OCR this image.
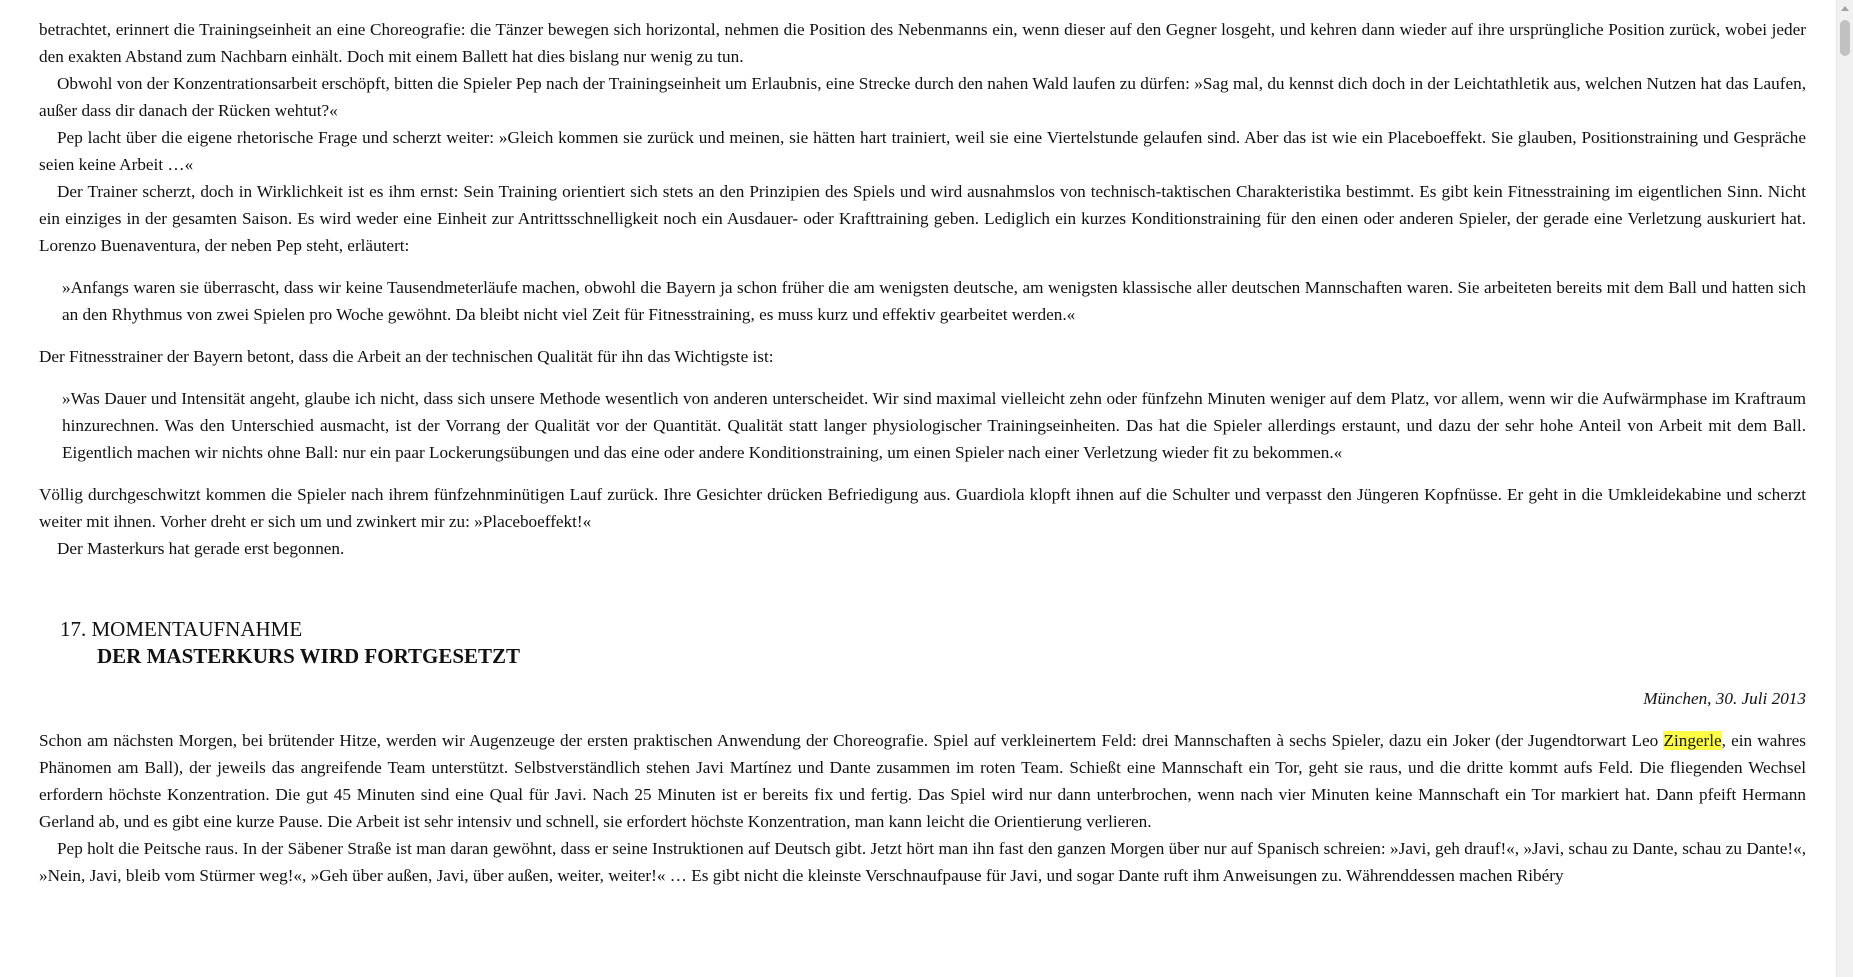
betrachtet, erinnert die Trainingseinheit an eine Choreografie: die Tänzer bewegen sich horizontal, nehmen die Position des Nebenmanns ein, wenn dieser auf den Gegner losgeht, und kehren dann wieder auf ihre ursprüngliche Position zurück, wobei jeder den exakten Abstand zum Nachbarn einhält. Doch mit einem Ballett hat dies bislang nur wenig zu tun.

Obwohl von der Konzentrationsarbeit erschöpft, bitten die Spieler Pep nach der Trainingseinheit um Erlaubnis, eine Strecke durch den nahen Wald laufen zu dürfen: »Sag mal, du kennst dich doch in der Leichtathletik aus, welchen Nutzen hat das Laufen, außer dass dir danach der Rücken wehtut?«

Pep lacht über die eigene rhetorische Frage und scherzt weiter: »Gleich kommen sie zurück und meinen, sie hätten hart trainiert, weil sie eine Viertelstunde gelaufen sind. Aber das ist wie ein Placeboeffekt. Sie glauben, Positionstraining und Gespräche seien keine Arbeit …«

Der Trainer scherzt, doch in Wirklichkeit ist es ihm ernst: Sein Training orientiert sich stets an den Prinzipien des Spiels und wird ausnahmslos von technisch-taktischen Charakteristika bestimmt. Es gibt kein Fitnesstraining im eigentlichen Sinn. Nicht ein einziges in der gesamten Saison. Es wird weder eine Einheit zur Antrittsschnelligkeit noch ein Ausdauer- oder Krafttraining geben. Lediglich ein kurzes Konditionstraining für den einen oder anderen Spieler, der gerade eine Verletzung auskuriert hat. Lorenzo Buenaventura, der neben Pep steht, erläutert:

»Anfangs waren sie überrascht, dass wir keine Tausendmeterläufe machen, obwohl die Bayern ja schon früher die am wenigsten deutsche, am wenigsten klassische aller deutschen Mannschaften waren. Sie arbeiteten bereits mit dem Ball und hatten sich an den Rhythmus von zwei Spielen pro Woche gewöhnt. Da bleibt nicht viel Zeit für Fitnesstraining, es muss kurz und effektiv gearbeitet werden.«

Der Fitnesstrainer der Bayern betont, dass die Arbeit an der technischen Qualität für ihn das Wichtigste ist:

»Was Dauer und Intensität angeht, glaube ich nicht, dass sich unsere Methode wesentlich von anderen unterscheidet. Wir sind maximal vielleicht zehn oder fünfzehn Minuten weniger auf dem Platz, vor allem, wenn wir die Aufwärmphase im Kraftraum hinzurechnen. Was den Unterschied ausmacht, ist der Vorrang der Qualität vor der Quantität. Qualität statt langer physiologischer Trainingseinheiten. Das hat die Spieler allerdings erstaunt, und dazu der sehr hohe Anteil von Arbeit mit dem Ball. Eigentlich machen wir nichts ohne Ball: nur ein paar Lockerungsübungen und das eine oder andere Konditionstraining, um einen Spieler nach einer Verletzung wieder fit zu bekommen.«

Völlig durchgeschwitzt kommen die Spieler nach ihrem fünfzehnminütigen Lauf zurück. Ihre Gesichter drücken Befriedigung aus. Guardiola klopft ihnen auf die Schulter und verpasst den Jüngeren Kopfnüsse. Er geht in die Umkleidekabine und scherzt weiter mit ihnen. Vorher dreht er sich um und zwinkert mir zu: »Placeboeffekt!«

Der Masterkurs hat gerade erst begonnen.

17. MOMENTAUFNAHME
DER MASTERKURS WIRD FORTGESETZT

München, 30. Juli 2013

Schon am nächsten Morgen, bei brütender Hitze, werden wir Augenzeuge der ersten praktischen Anwendung der Choreografie. Spiel auf verkleinertem Feld: drei Mannschaften à sechs Spieler, dazu ein Joker (der Jugendtorwart Leo Zingerle, ein wahres Phänomen am Ball), der jeweils das angreifende Team unterstützt. Selbstverständlich stehen Javi Martínez und Dante zusammen im roten Team. Schießt eine Mannschaft ein Tor, geht sie raus, und die dritte kommt aufs Feld. Die fliegenden Wechsel erfordern höchste Konzentration. Die gut 45 Minuten sind eine Qual für Javi. Nach 25 Minuten ist er bereits fix und fertig. Das Spiel wird nur dann unterbrochen, wenn nach vier Minuten keine Mannschaft ein Tor markiert hat. Dann pfeift Hermann Gerland ab, und es gibt eine kurze Pause. Die Arbeit ist sehr intensiv und schnell, sie erfordert höchste Konzentration, man kann leicht die Orientierung verlieren.

Pep holt die Peitsche raus. In der Säbener Straße ist man daran gewöhnt, dass er seine Instruktionen auf Deutsch gibt. Jetzt hört man ihn fast den ganzen Morgen über nur auf Spanisch schreien: »Javi, geh drauf!«, »Javi, schau zu Dante, schau zu Dante!«, »Nein, Javi, bleib vom Stürmer weg!«, »Geh über außen, Javi, über außen, weiter, weiter!« … Es gibt nicht die kleinste Verschnaufpause für Javi, und sogar Dante ruft ihm Anweisungen zu. Währenddessen machen Ribéry
